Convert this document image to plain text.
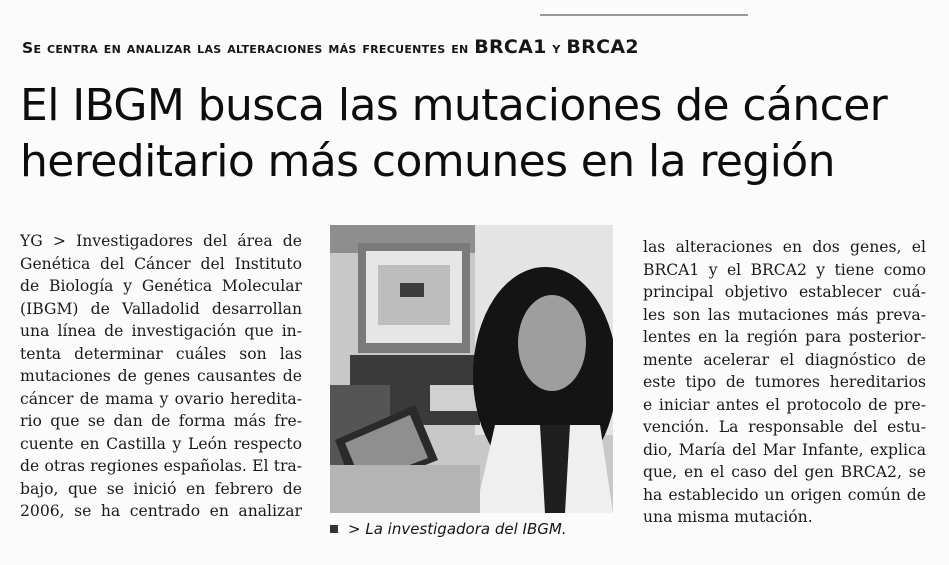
Se centra en analizar las alteraciones más frecuentes en BRCA1 y BRCA2
El IBGM busca las mutaciones de cáncer
hereditario más comunes en la región
YG > Investigadores del área de
Genética del Cáncer del Instituto
de Biología y Genética Molecular
(IBGM) de Valladolid desarrollan
una línea de investigación que in-
tenta determinar cuáles son las
mutaciones de genes causantes de
cáncer de mama y ovario heredita-
rio que se dan de forma más fre-
cuente en Castilla y León respecto
de otras regiones españolas. El tra-
bajo, que se inició en febrero de
2006, se ha centrado en analizar
> La investigadora del IBGM.
las alteraciones en dos genes, el
BRCA1 y el BRCA2 y tiene como
principal objetivo establecer cuá-
les son las mutaciones más preva-
lentes en la región para posterior-
mente acelerar el diagnóstico de
este tipo de tumores hereditarios
e iniciar antes el protocolo de pre-
vención. La responsable del estu-
dio, María del Mar Infante, explica
que, en el caso del gen BRCA2, se
ha establecido un origen común de
una misma mutación.
